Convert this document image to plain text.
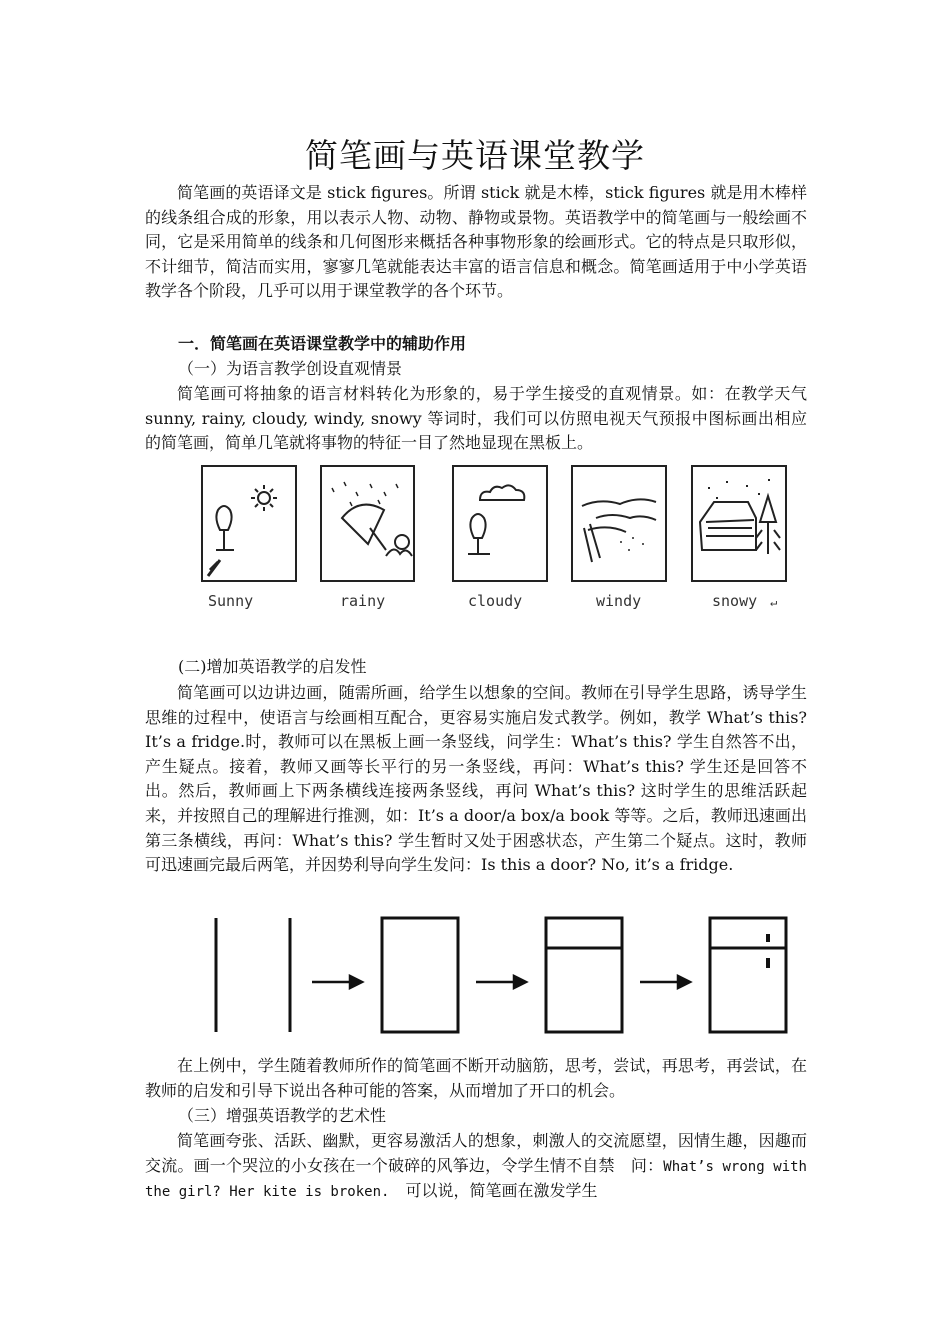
简笔画与英语课堂教学
简笔画的英语译文是 stick figures。所谓 stick 就是木棒，stick figures 就是用木棒样的线条组合成的形象，用以表示人物、动物、静物或景物。英语教学中的简笔画与一般绘画不同，它是采用简单的线条和几何图形来概括各种事物形象的绘画形式。它的特点是只取形似，不计细节，简洁而实用，寥寥几笔就能表达丰富的语言信息和概念。简笔画适用于中小学英语教学各个阶段，几乎可以用于课堂教学的各个环节。
一．简笔画在英语课堂教学中的辅助作用
（一）为语言教学创设直观情景
简笔画可将抽象的语言材料转化为形象的，易于学生接受的直观情景。如：在教学天气 sunny, rainy, cloudy, windy, snowy 等词时，我们可以仿照电视天气预报中图标画出相应的简笔画，简单几笔就将事物的特征一目了然地显现在黑板上。
Sunny	rainy	cloudy	windy	snowy ↵
(二)增加英语教学的启发性
简笔画可以边讲边画，随需所画，给学生以想象的空间。教师在引导学生思路，诱导学生思维的过程中，使语言与绘画相互配合，更容易实施启发式教学。例如，教学 What’s this? It’s a fridge.时，教师可以在黑板上画一条竖线，问学生：What’s this? 学生自然答不出，产生疑点。接着，教师又画等长平行的另一条竖线，再问：What’s this? 学生还是回答不出。然后，教师画上下两条横线连接两条竖线，再问 What’s this? 这时学生的思维活跃起来，并按照自己的理解进行推测，如：It’s a door/a box/a book 等等。之后，教师迅速画出第三条横线，再问：What’s this? 学生暂时又处于困惑状态，产生第二个疑点。这时，教师可迅速画完最后两笔，并因势利导向学生发问：Is this a door? No, it’s a fridge.
在上例中，学生随着教师所作的简笔画不断开动脑筋，思考，尝试，再思考，再尝试，在教师的启发和引导下说出各种可能的答案，从而增加了开口的机会。
（三）增强英语教学的艺术性
简笔画夸张、活跃、幽默，更容易激活人的想象，刺激人的交流愿望，因情生趣，因趣而交流。画一个哭泣的小女孩在一个破碎的风筝边，令学生情不自禁　问：What’s wrong with the girl? Her kite is broken.　可以说，简笔画在激发学生
